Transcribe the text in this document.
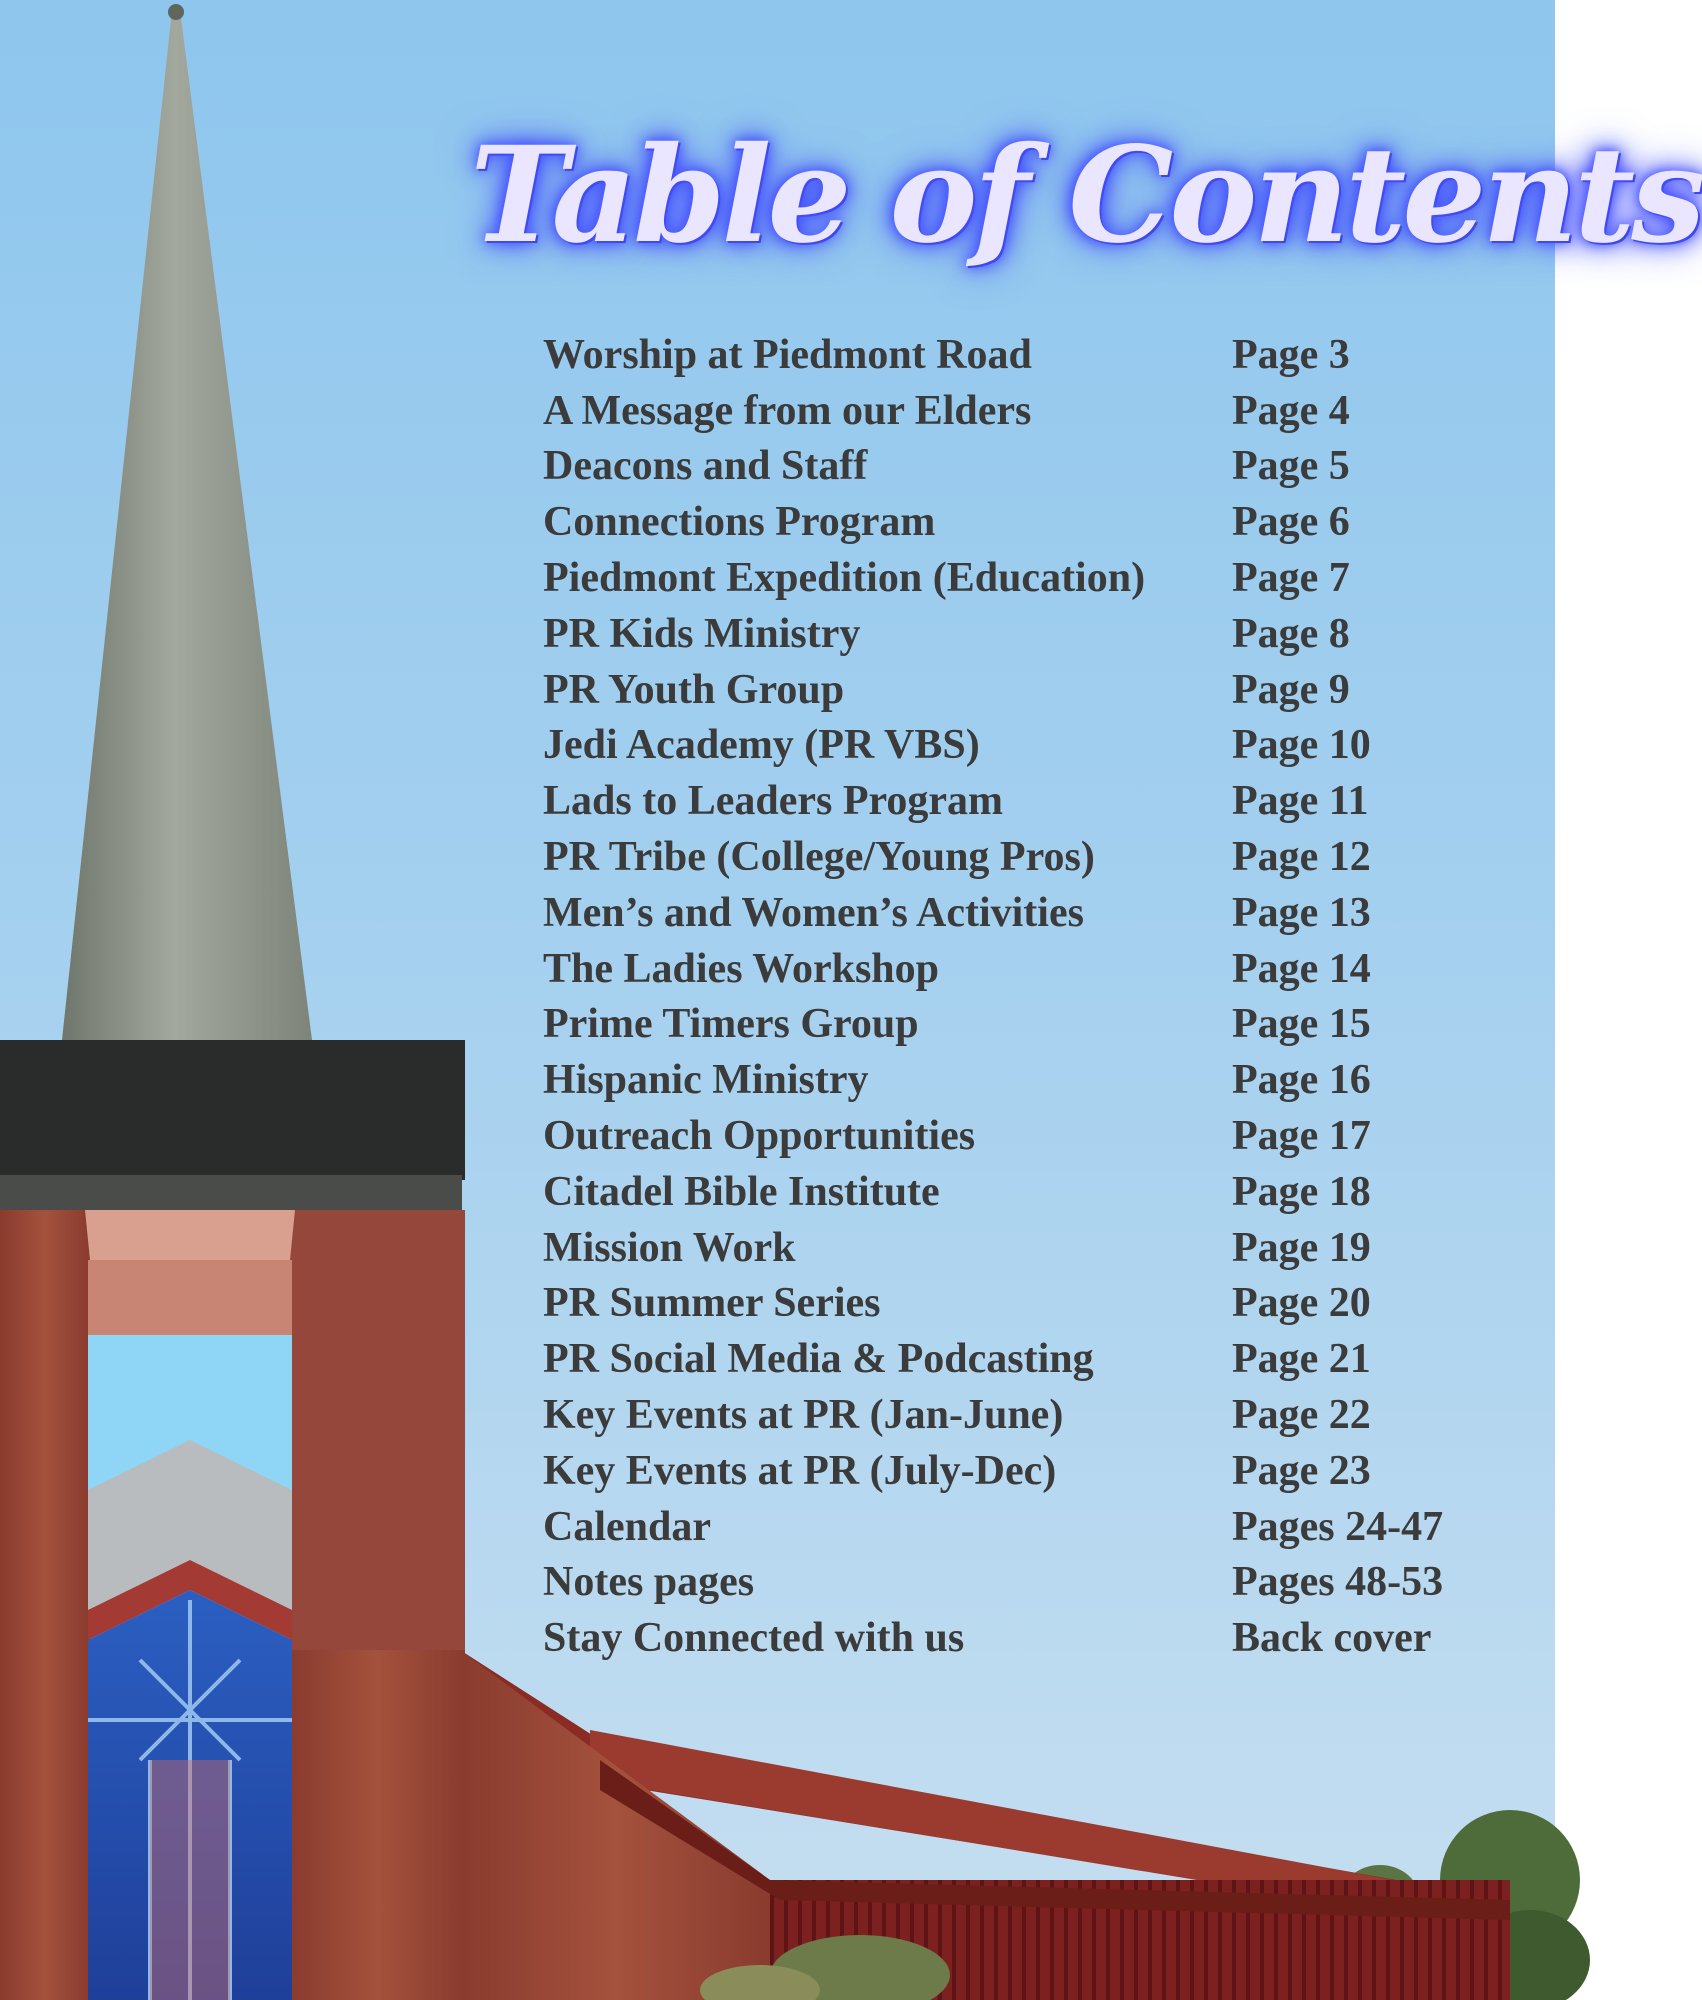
Table of Contents
Worship at Piedmont Road	Page 3
A Message from our Elders	Page 4
Deacons and Staff	Page 5
Connections Program	Page 6
Piedmont Expedition (Education)	Page 7
PR Kids Ministry	Page 8
PR Youth Group	Page 9
Jedi Academy (PR VBS)	Page 10
Lads to Leaders Program	Page 11
PR Tribe (College/Young Pros)	Page 12
Men’s and Women’s Activities	Page 13
The Ladies Workshop	Page 14
Prime Timers Group	Page 15
Hispanic Ministry	Page 16
Outreach Opportunities	Page 17
Citadel Bible Institute	Page 18
Mission Work	Page 19
PR Summer Series	Page 20
PR Social Media & Podcasting	Page 21
Key Events at PR (Jan-June)	Page 22
Key Events at PR (July-Dec)	Page 23
Calendar	Pages 24-47
Notes pages	Pages 48-53
Stay Connected with us	Back cover
